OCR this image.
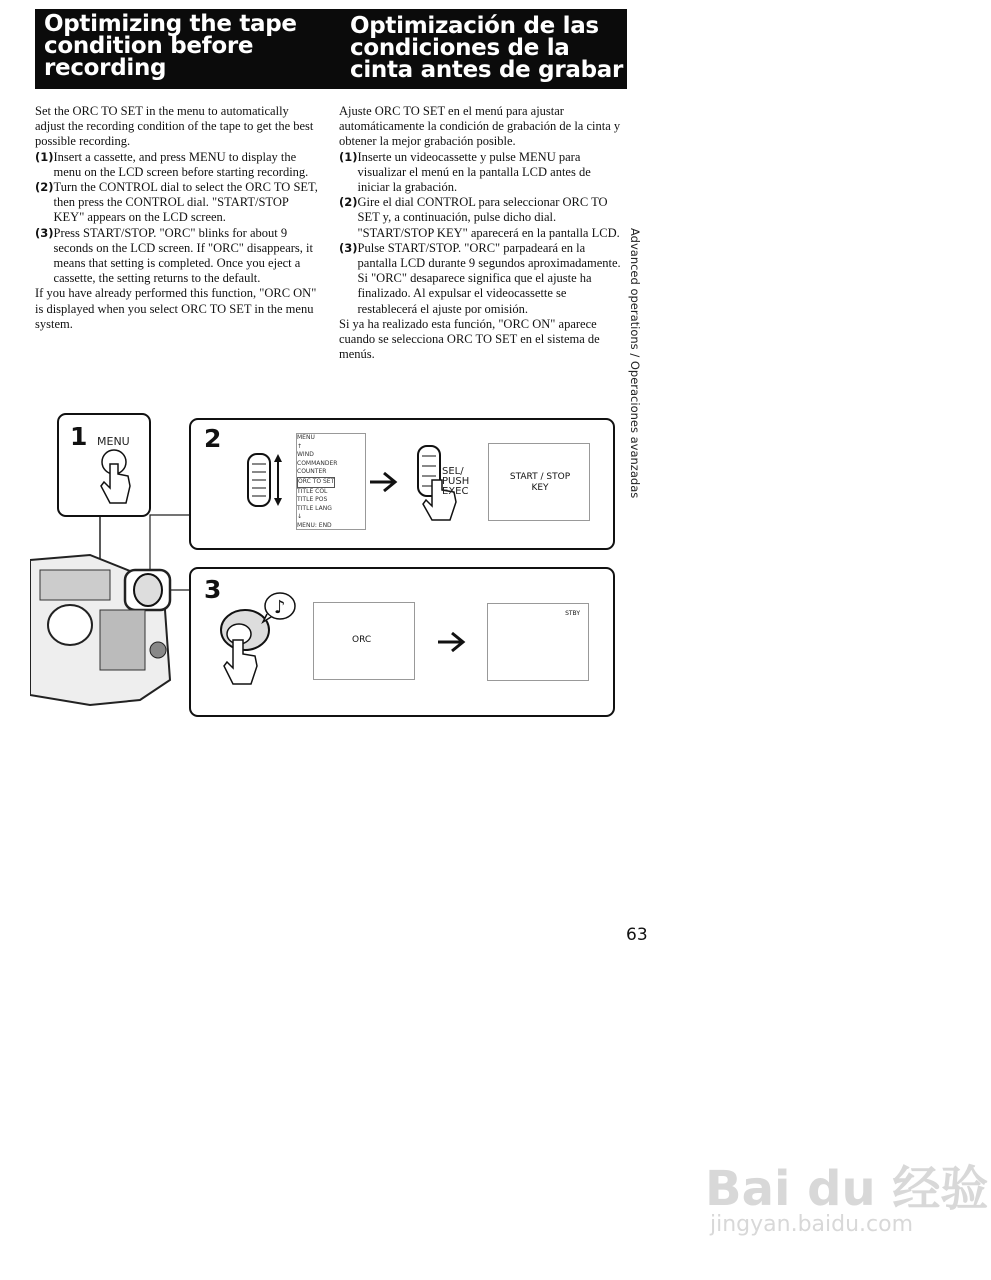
Optimizing the tape condition before recording
Optimización de las condiciones de la cinta antes de grabar

Set the ORC TO SET in the menu to automatically adjust the recording condition of the tape to get the best possible recording.

(1) Insert a cassette, and press MENU to display the menu on the LCD screen before starting recording.
(2) Turn the CONTROL dial to select the ORC TO SET, then press the CONTROL dial. "START/STOP KEY" appears on the LCD screen.
(3) Press START/STOP. "ORC" blinks for about 9 seconds on the LCD screen. If "ORC" disappears, it means that setting is completed. Once you eject a cassette, the setting returns to the default.

If you have already performed this function, "ORC ON" is displayed when you select ORC TO SET in the menu system.

Ajuste ORC TO SET en el menú para ajustar automáticamente la condición de grabación de la cinta y obtener la mejor grabación posible.

(1) Inserte un videocassette y pulse MENU para visualizar el menú en la pantalla LCD antes de iniciar la grabación.
(2) Gire el dial CONTROL para seleccionar ORC TO SET y, a continuación, pulse dicho dial. "START/STOP KEY" aparecerá en la pantalla LCD.
(3) Pulse START/STOP. "ORC" parpadeará en la pantalla LCD durante 9 segundos aproximadamente. Si "ORC" desaparece significa que el ajuste ha finalizado. Al expulsar el videocassette se restablecerá el ajuste por omisión.

Si ya ha realizado esta función, "ORC ON" aparece cuando se selecciona ORC TO SET en el sistema de menús.	Advanced operations / Operaciones avanzadas
63
1 MENU	2	MENU
↑
WIND
COMMANDER
COUNTER
ORC TO SET
TITLE COL
TITLE POS
TITLE LANG
↓
MENU: END
SEL/
PUSH
EXEC
START / STOP
KEY
3
♪
ORC
STBY
Bai du 经验
jingyan.baidu.com
